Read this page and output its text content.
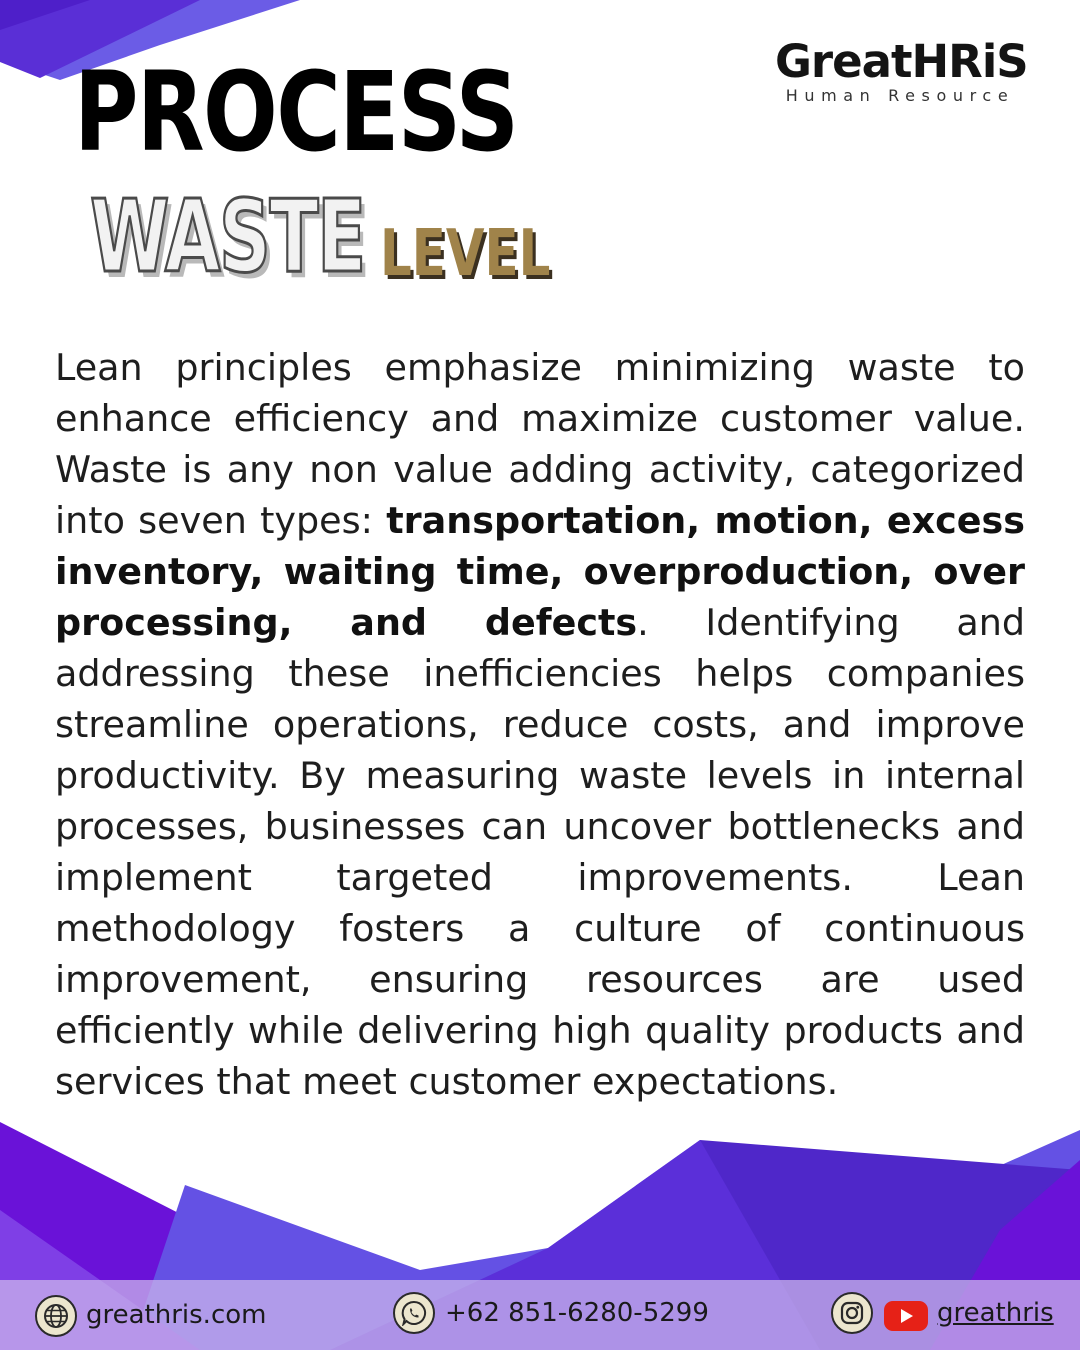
GreatHRiS
Human Resource
PROCESS
WASTE LEVEL

Lean principles emphasize minimizing waste to enhance efficiency and maximize customer value. Waste is any non value adding activity, categorized into seven types: transportation, motion, excess inventory, waiting time, overproduction, over processing, and defects. Identifying and addressing these inefficiencies helps companies streamline operations, reduce costs, and improve productivity. By measuring waste levels in internal processes, businesses can uncover bottlenecks and implement targeted improvements. Lean methodology fosters a culture of continuous improvement, ensuring resources are used efficiently while delivering high quality products and services that meet customer expectations.

greathris.com	+62 851-6280-5299	greathris
